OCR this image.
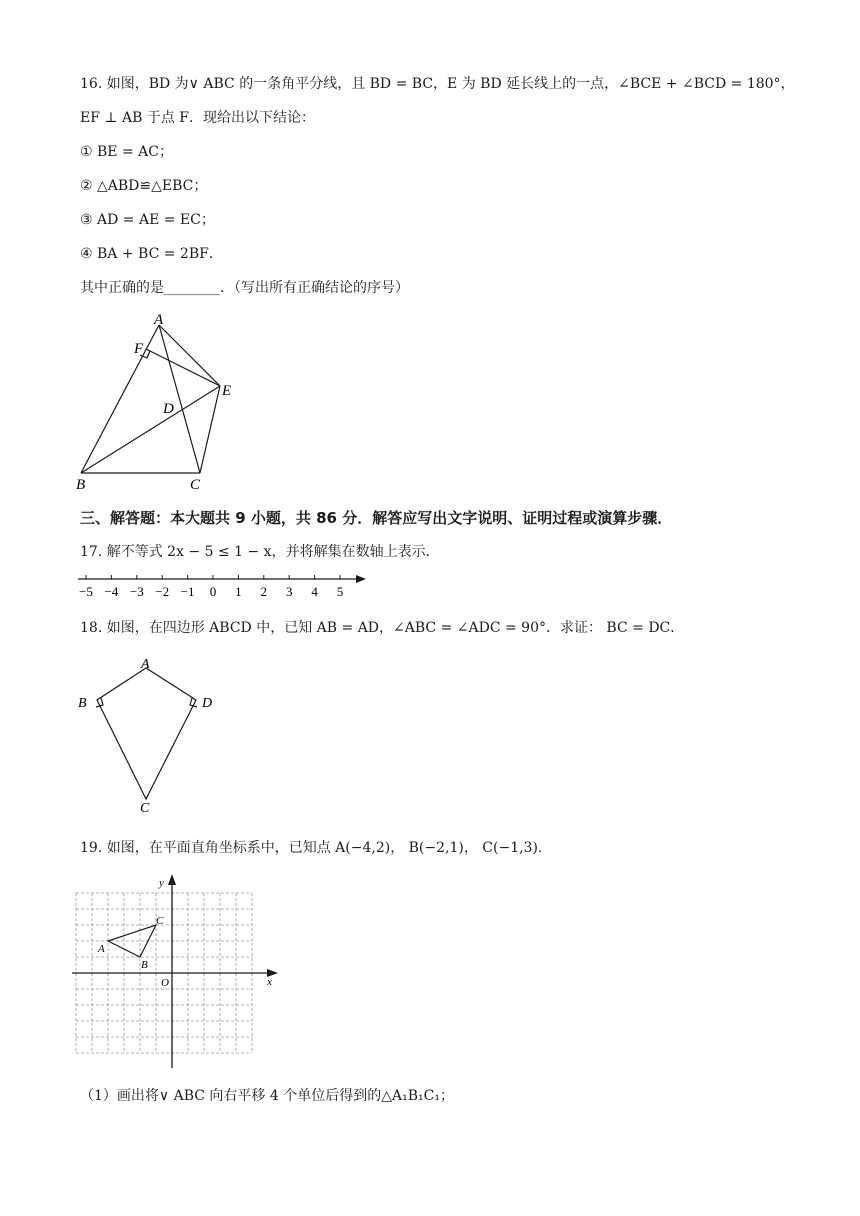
16. 如图，BD 为∨ ABC 的一条角平分线，且 BD = BC，E 为 BD 延长线上的一点，∠BCE + ∠BCD = 180°，
EF ⊥ AB 于点 F．现给出以下结论：
① BE = AC；
② △ABD≌△EBC；
③ AD = AE = EC；
④ BA + BC = 2BF．
其中正确的是________．（写出所有正确结论的序号）
A
F
D
E
B	C
三、解答题：本大题共 9 小题，共 86 分．解答应写出文字说明、证明过程或演算步骤．
17. 解不等式 2x − 5 ≤ 1 − x，并将解集在数轴上表示．
−5 −4 −3 −2 −1 0 1 2 3 4 5
18. 如图，在四边形 ABCD 中，已知 AB = AD，∠ABC = ∠ADC = 90°．求证： BC = DC．
A
B
C
D
19. 如图，在平面直角坐标系中，已知点 A(−4,2)， B(−2,1)， C(−1,3)．
x
y
O
A
B
C
（1）画出将∨ ABC 向右平移 4 个单位后得到的△A₁B₁C₁；
